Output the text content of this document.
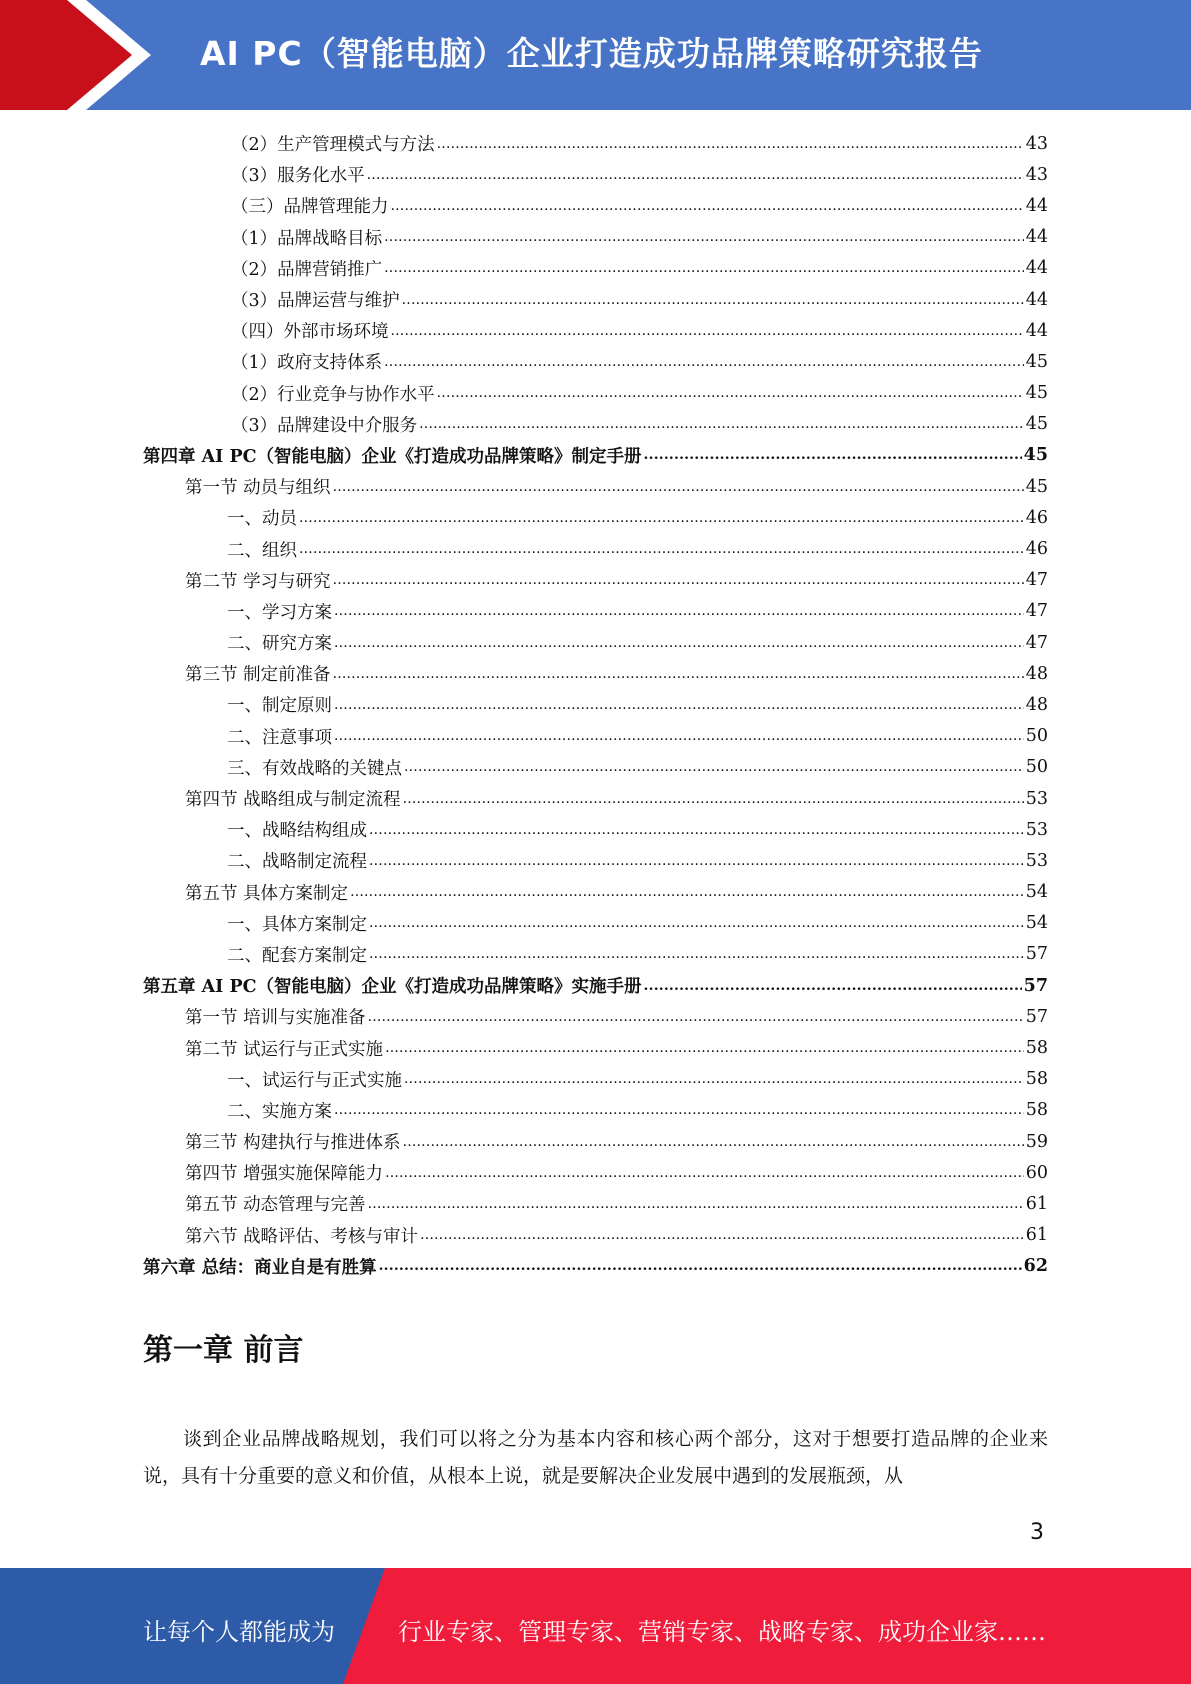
AI PC（智能电脑）企业打造成功品牌策略研究报告
（2）生产管理模式与方法 .....	43
（3）服务化水平 .....	43
（三）品牌管理能力 .....	44
（1）品牌战略目标 .....	44
（2）品牌营销推广 .....	44
（3）品牌运营与维护 .....	44
（四）外部市场环境 .....	44
（1）政府支持体系 .....	45
（2）行业竞争与协作水平 .....	45
（3）品牌建设中介服务 .....	45
第四章 AI PC（智能电脑）企业《打造成功品牌策略》制定手册 .....	45
第一节 动员与组织 .....	45
一、动员 .....	46
二、组织 .....	46
第二节 学习与研究 .....	47
一、学习方案 .....	47
二、研究方案 .....	47
第三节 制定前准备 .....	48
一、制定原则 .....	48
二、注意事项 .....	50
三、有效战略的关键点 .....	50
第四节 战略组成与制定流程 .....	53
一、战略结构组成 .....	53
二、战略制定流程 .....	53
第五节 具体方案制定 .....	54
一、具体方案制定 .....	54
二、配套方案制定 .....	57
第五章 AI PC（智能电脑）企业《打造成功品牌策略》实施手册 .....	57
第一节 培训与实施准备 .....	57
第二节 试运行与正式实施 .....	58
一、试运行与正式实施 .....	58
二、实施方案 .....	58
第三节 构建执行与推进体系 .....	59
第四节 增强实施保障能力 .....	60
第五节 动态管理与完善 .....	61
第六节 战略评估、考核与审计 .....	61
第六章 总结：商业自是有胜算 .....	62
第一章 前言

谈到企业品牌战略规划，我们可以将之分为基本内容和核心两个部分，这对于想要打造品牌的企业来说，具有十分重要的意义和价值，从根本上说，就是要解决企业发展中遇到的发展瓶颈，从

3
让每个人都能成为	行业专家、管理专家、营销专家、战略专家、成功企业家……
